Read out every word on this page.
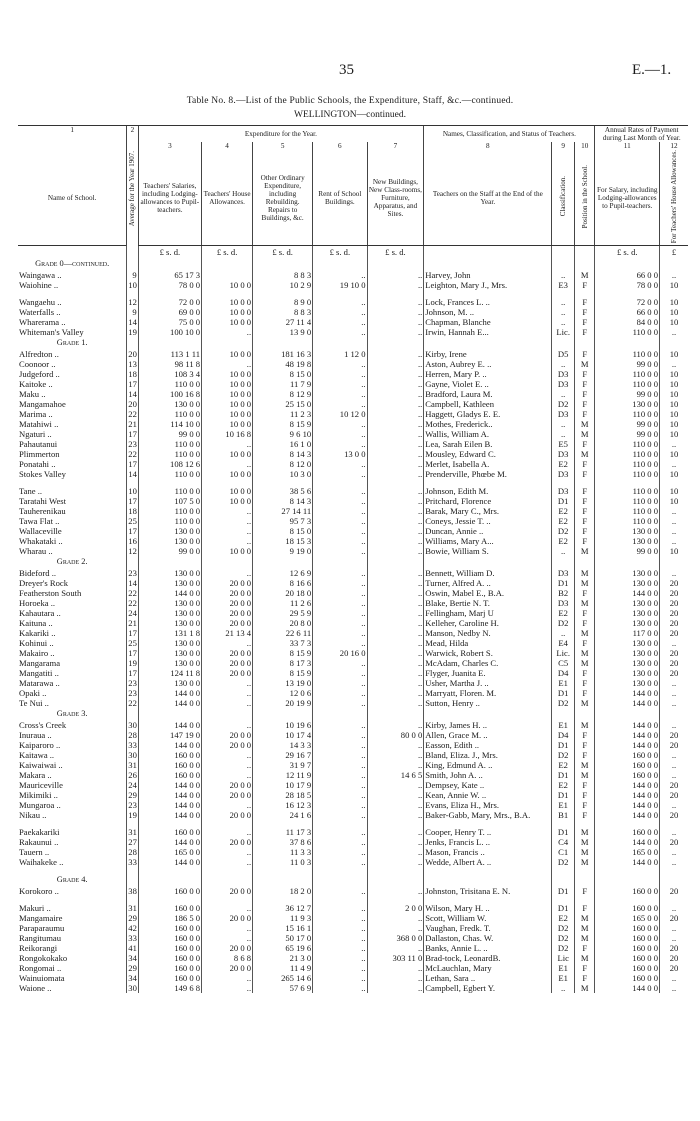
35	E.—1.
Table No. 8.—List of the Public Schools, the Expenditure, Staff, &c.—continued.
WELLINGTON—continued.
1	2	Expenditure for the Year.					Names, Classification, and Status of Teachers.			Annual Rates of Payment during Last Month of Year.	
	Average for the Year 1907.										
		3	4	5	6	7	8	9	10	11	12
Name of School.		Teachers' Salaries, including Lodging-allowances to Pupil-teachers.	Teachers' House Allowances.	Other Ordinary Expenditure, including Rebuilding. Repairs to Buildings, &c.	Rent of School Buildings.	New Buildings, New Class-rooms, Furniture, Apparatus, and Sites.	Teachers on the Staff at the End of the Year.	Classification.	Position in the School.	For Salary, including Lodging-allowances to Pupil-teachers.	For Teachers' House Allowances.
		£ s. d.	£ s. d.	£ s. d.	£ s. d.	£ s. d.				£ s. d.	£
Grade 0—continued.											
Waingawa ..	9	65 17 3		8 8 3	..	..	Harvey, John	..	M	66 0 0	..
Waiohine ..	10	78 0 0	10 0 0	10 2 9	19 10 0	..	Leighton, Mary J., Mrs.	E3	F	78 0 0	10

Wangaehu ..	12	72 0 0	10 0 0	8 9 0	..	..	Lock, Frances L. ..	..	F	72 0 0	10
Waterfalls ..	9	69 0 0	10 0 0	8 8 3	..	..	Johnson, M. ..	..	F	66 0 0	10
Wharerama ..	14	75 0 0	10 0 0	27 11 4	..	..	Chapman, Blanche	..	F	84 0 0	10
Whiteman's Valley	19	100 10 0	..	13 9 0	..	..	Irwin, Hannah E...	Lic.	F	110 0 0	..
Grade 1.											
Alfredton ..	20	113 1 11	10 0 0	181 16 3	1 12 0	..	Kirby, Irene	D5	F	110 0 0	10
Coonoor ..	13	98 11 8	..	48 19 8	..	..	Aston, Aubrey E. ..	..	M	99 0 0	..
Judgeford ..	18	108 3 4	10 0 0	8 15 0	..	..	Herren, Mary P. ..	D3	F	110 0 0	10
Kaitoke ..	17	110 0 0	10 0 0	11 7 9	..	..	Gayne, Violet E. ..	D3	F	110 0 0	10
Maku ..	14	100 16 8	10 0 0	8 12 9	..	..	Bradford, Laura M.	..	F	99 0 0	10
Mangamahoe	20	130 0 0	10 0 0	25 15 0	..	..	Campbell, Kathleen	D2	F	130 0 0	10
Marima ..	22	110 0 0	10 0 0	11 2 3	10 12 0	..	Haggett, Gladys E. E.	D3	F	110 0 0	10
Matahiwi ..	21	114 10 0	10 0 0	8 15 9	..	..	Mothes, Frederick..	..	M	99 0 0	10
Ngaturi ..	17	99 0 0	10 16 8	9 6 10	..	..	Wallis, William A.	..	M	99 0 0	10
Pahautanui	23	110 0 0	..	16 1 0	..	..	Lea, Sarah Eilen B.	E5	F	110 0 0	..
Plimmerton	22	110 0 0	10 0 0	8 14 3	13 0 0	..	Mousley, Edward C.	D3	M	110 0 0	10
Ponatahi ..	17	108 12 6	..	8 12 0	..	..	Merlet, Isabella A.	E2	F	110 0 0	..
Stokes Valley	14	110 0 0	10 0 0	10 3 0	..	..	Prenderville, Phœbe M.	D3	F	110 0 0	10

Tane ..	10	110 0 0	10 0 0	38 5 6	..	..	Johnson, Edith M.	D3	F	110 0 0	10
Taratahi West	17	107 5 0	10 0 0	8 14 3	..	..	Pritchard, Florence	D1	F	110 0 0	10
Tauherenikau	18	110 0 0	..	27 14 11	..	..	Barak, Mary C., Mrs.	E2	F	110 0 0	..
Tawa Flat ..	25	110 0 0	..	95 7 3	..	..	Coneys, Jessie T. ..	E2	F	110 0 0	..
Wallaceville	17	130 0 0	..	8 15 0	..	..	Duncan, Annie ..	D2	F	130 0 0	..
Whakataki ..	16	130 0 0	..	18 15 3	..	..	Williams, Mary A...	E2	F	130 0 0	..
Wharau ..	12	99 0 0	10 0 0	9 19 0	..	..	Bowie, William S.	..	M	99 0 0	10
Grade 2.											
Bideford ..	23	130 0 0	..	12 6 9	..	..	Bennett, William D.	D3	M	130 0 0	..
Dreyer's Rock	14	130 0 0	20 0 0	8 16 6	..	..	Turner, Alfred A. ..	D1	M	130 0 0	20
Featherston South	22	144 0 0	20 0 0	20 18 0	..	..	Oswin, Mabel E., B.A.	B2	F	144 0 0	20
Horoeka ..	22	130 0 0	20 0 0	11 2 6	..	..	Blake, Bertie N. T.	D3	M	130 0 0	20
Kahautara ..	24	130 0 0	20 0 0	29 5 9	..	..	Fellingham, Marj U	E2	F	130 0 0	20
Kaituna ..	21	130 0 0	20 0 0	20 8 0	..	..	Kelleher, Caroline H.	D2	F	130 0 0	20
Kakariki ..	17	131 1 8	21 13 4	22 6 11	..	..	Manson, Nedby N.	..	M	117 0 0	20
Kohinui ..	25	130 0 0	..	33 7 3	..	..	Mead, Hilda	E4	F	130 0 0	..
Makairo ..	17	130 0 0	20 0 0	8 15 9	20 16 0	..	Warwick, Robert S.	Lic.	M	130 0 0	20
Mangarama	19	130 0 0	20 0 0	8 17 3	..	..	McAdam, Charles C.	C5	M	130 0 0	20
Mangatiti ..	17	124 11 8	20 0 0	8 15 9	..	..	Flyger, Juanita E.	D4	F	130 0 0	20
Matarawa ..	23	130 0 0	..	13 19 0	..	..	Usher, Martha J. ..	E1	F	130 0 0	..
Opaki ..	23	144 0 0	..	12 0 6	..	..	Marryatt, Floren. M.	D1	F	144 0 0	..
Te Nui ..	22	144 0 0	..	20 19 9	..	..	Sutton, Henry ..	D2	M	144 0 0	..
Grade 3.											
Cross's Creek	30	144 0 0	..	10 19 6	..	..	Kirby, James H. ..	E1	M	144 0 0	..
Inuraua ..	28	147 19 0	20 0 0	10 17 4	..	80 0 0	Allen, Grace M. ..	D4	F	144 0 0	20
Kaiparoro ..	33	144 0 0	20 0 0	14 3 3	..	..	Easson, Edith ..	D1	F	144 0 0	20
Kaitawa ..	30	160 0 0	..	29 16 7	..	..	Bland, Eliza. J., Mrs.	D2	F	160 0 0	..
Kaiwaiwai ..	31	160 0 0	..	31 9 7	..	..	King, Edmund A. ..	E2	M	160 0 0	..
Makara ..	26	160 0 0	..	12 11 9	..	14 6 5	Smith, John A. ..	D1	M	160 0 0	..
Mauriceville	24	144 0 0	20 0 0	10 17 9	..	..	Dempsey, Kate ..	E2	F	144 0 0	20
Mikimiki ..	29	144 0 0	20 0 0	28 18 5	..	..	Kean, Annie W. ..	D1	F	144 0 0	20
Mungaroa ..	23	144 0 0	..	16 12 3	..	..	Evans, Eliza H., Mrs.	E1	F	144 0 0	..
Nikau ..	19	144 0 0	20 0 0	24 1 6	..	..	Baker-Gabb, Mary, Mrs., B.A.	B1	F	144 0 0	20

Paekakariki	31	160 0 0	..	11 17 3	..	..	Cooper, Henry T. ..	D1	M	160 0 0	..
Rakaunui ..	27	144 0 0	20 0 0	37 8 6	..	..	Jenks, Francis L. ..	C4	M	144 0 0	20
Tauern ..	28	165 0 0	..	11 3 3	..	..	Mason, Francis ..	C1	M	165 0 0	..
Waihakeke ..	33	144 0 0	..	11 0 3	..	..	Wedde, Albert A. ..	D2	M	144 0 0	..

Grade 4.											
Korokoro ..	38	160 0 0	20 0 0	18 2 0	..	..	Johnston, Trisitana E. N.	D1	F	160 0 0	20

Makuri ..	31	160 0 0	..	36 12 7	..	2 0 0	Wilson, Mary H. ..	D1	F	160 0 0	..
Mangamaire	29	186 5 0	20 0 0	11 9 3	..	..	Scott, William W.	E2	M	165 0 0	20
Paraparaumu	42	160 0 0	..	15 16 1	..	..	Vaughan, Fredk. T.	D2	M	160 0 0	..
Rangitumau	33	160 0 0	..	50 17 0	..	368 0 0	Dallaston, Chas. W.	D2	M	160 0 0	..
Reikorangi	41	160 0 0	20 0 0	65 19 6	..	..	Banks, Annie L. ..	D2	F	160 0 0	20
Rongokokako	34	160 0 0	8 6 8	21 3 0	..	303 11 0	Brad-tock, LeonardB.	Lic	M	160 0 0	20
Rongomai ..	29	160 0 0	20 0 0	11 4 9	..	..	McLauchlan, Mary	E1	F	160 0 0	20
Wainuiomata	34	160 0 0	..	265 14 6	..	..	Lethan, Sara ..	E1	F	160 0 0	..
Waione ..	30	149 6 8	..	57 6 9	..	..	Campbell, Egbert Y.	..	M	144 0 0	..
